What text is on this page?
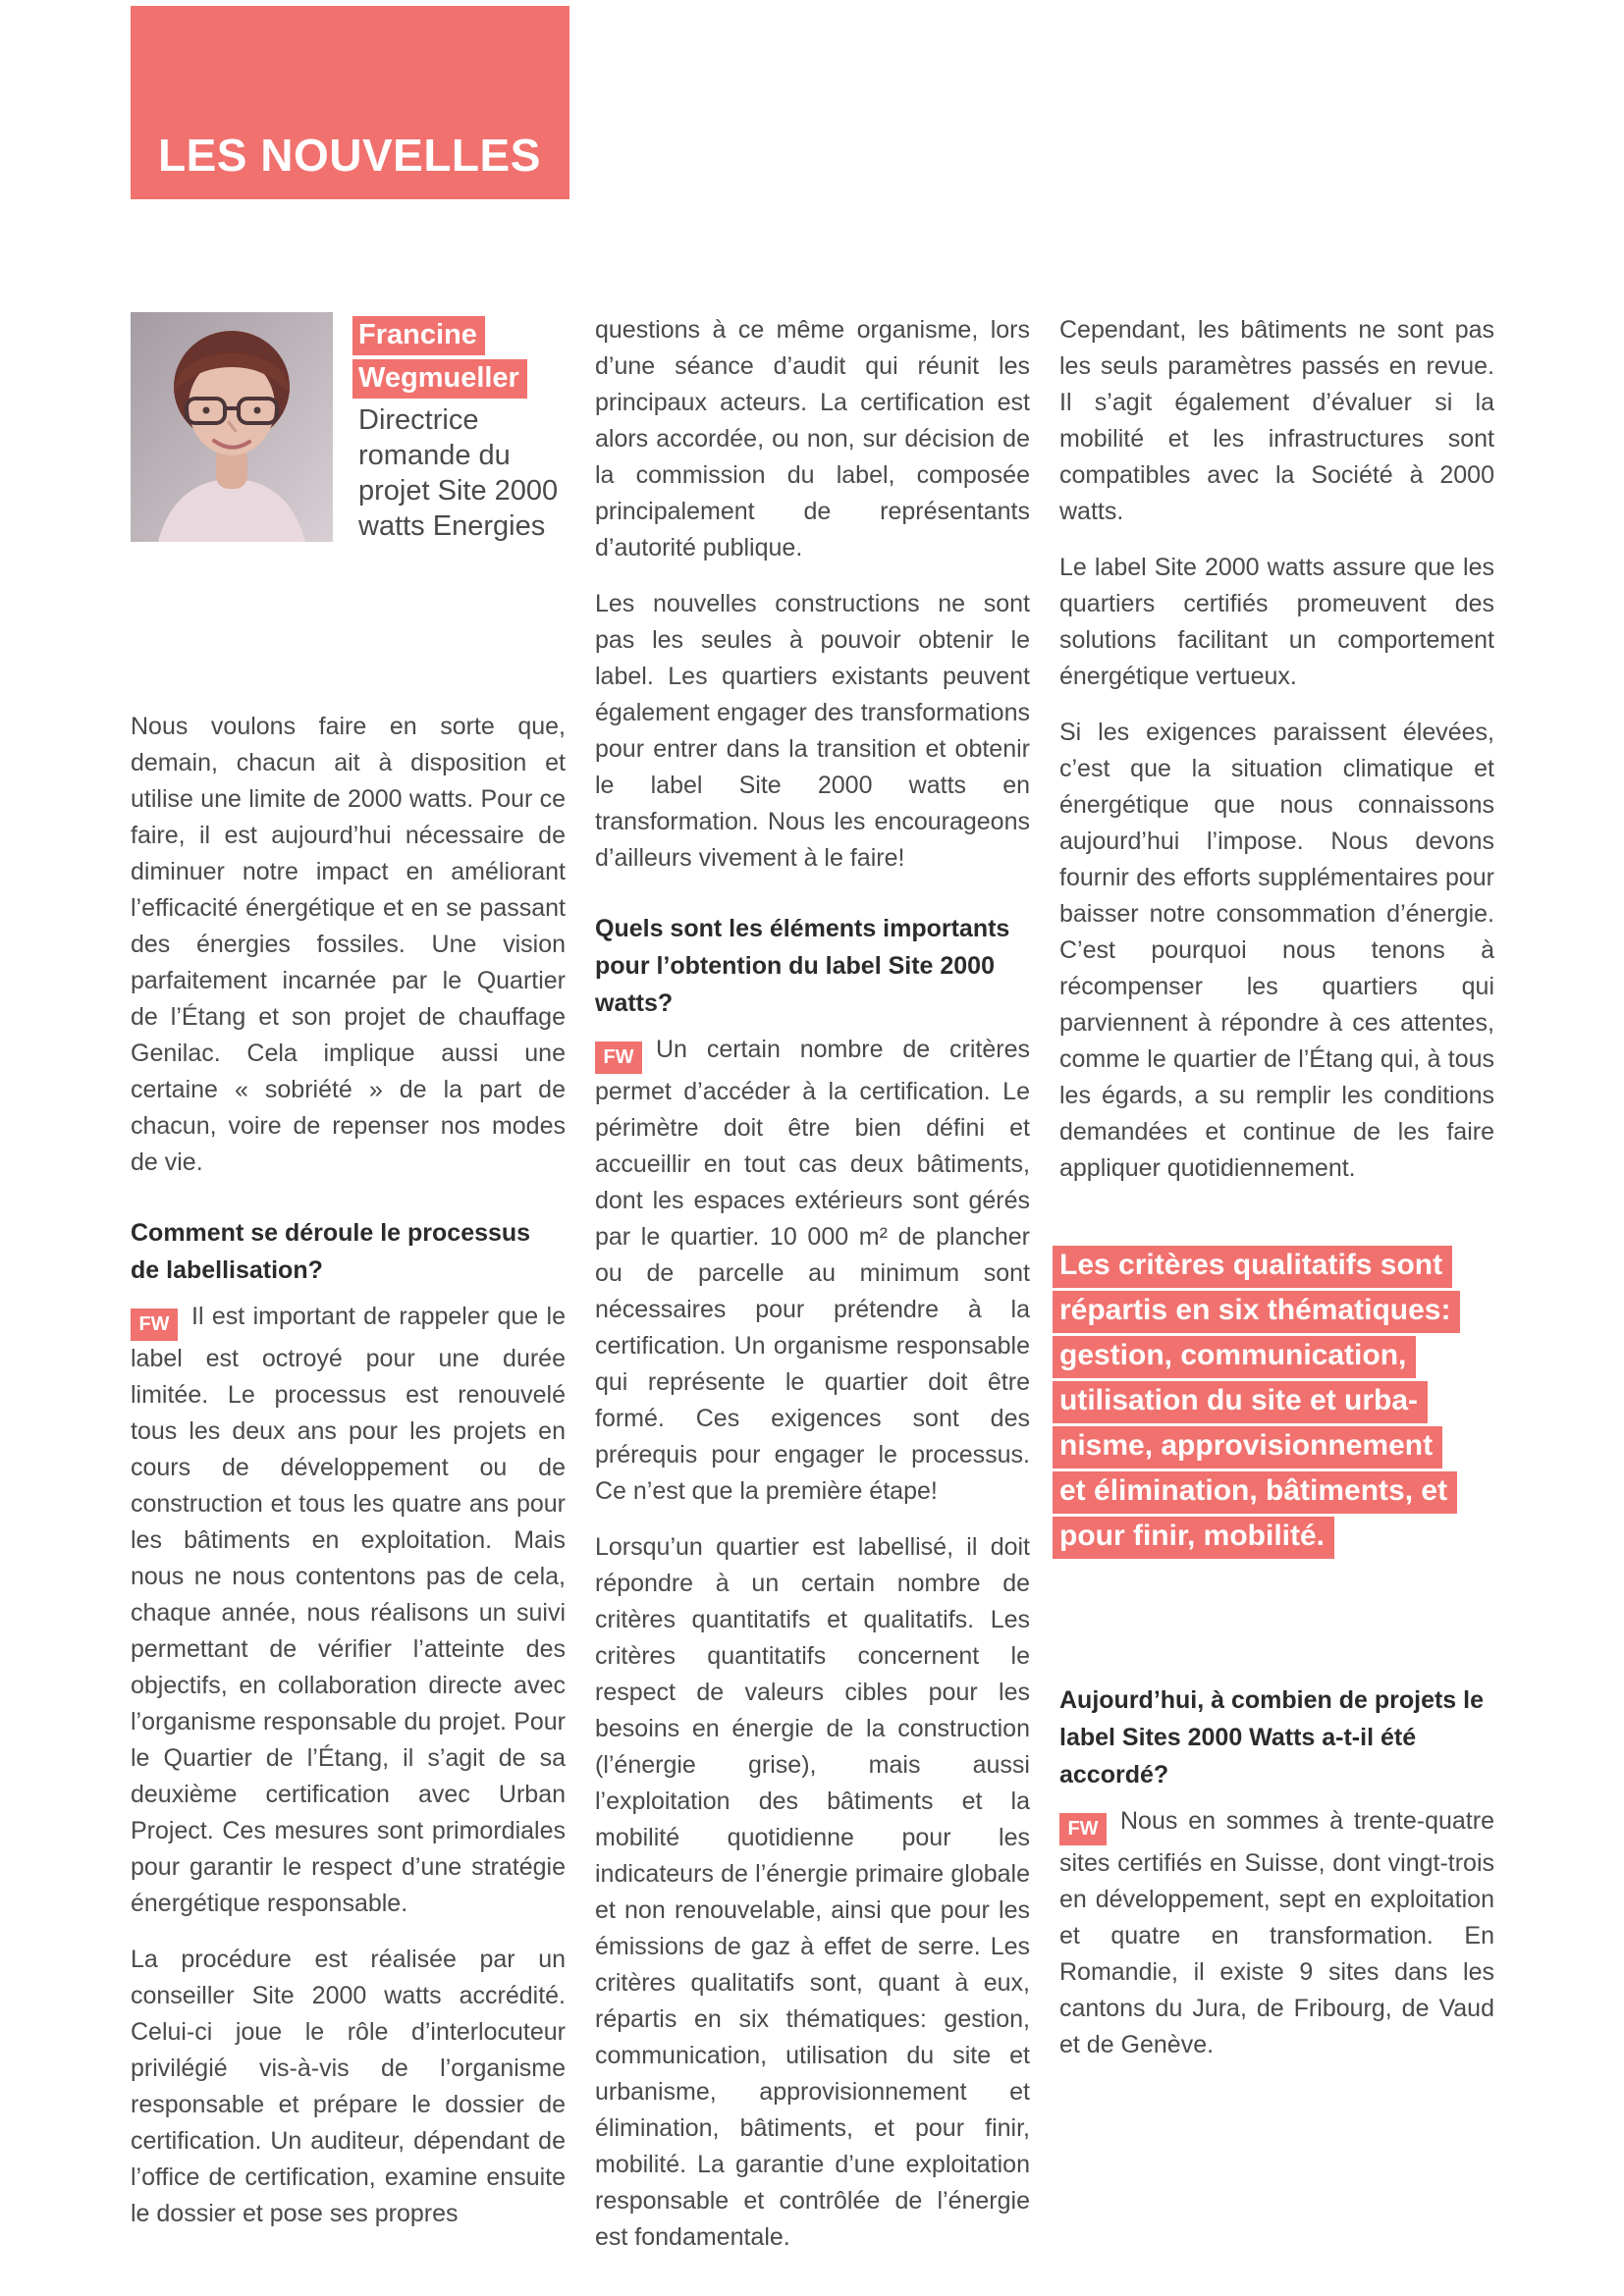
LES NOUVELLES
Francine
Wegmueller
Directrice
romande du
projet Site 2000
watts Energies

Nous voulons faire en sorte que, demain, chacun ait à disposition et utilise une limite de 2000 watts. Pour ce faire, il est aujourd’hui nécessaire de diminuer notre impact en améliorant l’efficacité énergétique et en se passant des énergies fossiles. Une vision parfaitement incarnée par le Quartier de l’Étang et son projet de chauffage Genilac. Cela implique aussi une certaine « sobriété » de la part de chacun, voire de repenser nos modes de vie.

Comment se déroule le processus de labellisation?

FW Il est important de rappeler que le label est octroyé pour une durée limitée. Le processus est renouvelé tous les deux ans pour les projets en cours de développement ou de construction et tous les quatre ans pour les bâtiments en exploitation. Mais nous ne nous contentons pas de cela, chaque année, nous réalisons un suivi permettant de vérifier l’atteinte des objectifs, en collaboration directe avec l’organisme responsable du projet. Pour le Quartier de l’Étang, il s’agit de sa deuxième certification avec Urban Project. Ces mesures sont primordiales pour garantir le respect d’une stratégie énergétique responsable.

La procédure est réalisée par un conseiller Site 2000 watts accrédité. Celui-ci joue le rôle d’interlocuteur privilégié vis-à-vis de l’organisme responsable et prépare le dossier de certification. Un auditeur, dépendant de l’office de certification, examine ensuite le dossier et pose ses propres

questions à ce même organisme, lors d’une séance d’audit qui réunit les principaux acteurs. La certification est alors accordée, ou non, sur décision de la commission du label, composée principalement de représentants d’autorité publique.

Les nouvelles constructions ne sont pas les seules à pouvoir obtenir le label. Les quartiers existants peuvent également engager des transformations pour entrer dans la transition et obtenir le label Site 2000 watts en transformation. Nous les encourageons d’ailleurs vivement à le faire!

Quels sont les éléments importants pour l’obtention du label Site 2000 watts?

FW Un certain nombre de critères permet d’accéder à la certification. Le périmètre doit être bien défini et accueillir en tout cas deux bâtiments, dont les espaces extérieurs sont gérés par le quartier. 10 000 m² de plancher ou de parcelle au minimum sont nécessaires pour prétendre à la certification. Un organisme responsable qui représente le quartier doit être formé. Ces exigences sont des prérequis pour engager le processus. Ce n’est que la première étape!

Lorsqu’un quartier est labellisé, il doit répondre à un certain nombre de critères quantitatifs et qualitatifs. Les critères quantitatifs concernent le respect de valeurs cibles pour les besoins en énergie de la construction (l’énergie grise), mais aussi l’exploitation des bâtiments et la mobilité quotidienne pour les indicateurs de l’énergie primaire globale et non renouvelable, ainsi que pour les émissions de gaz à effet de serre. Les critères qualitatifs sont, quant à eux, répartis en six thématiques: gestion, communication, utilisation du site et urbanisme, approvisionnement et élimination, bâtiments, et pour finir, mobilité. La garantie d’une exploitation responsable et contrôlée de l’énergie est fondamentale.

Cependant, les bâtiments ne sont pas les seuls paramètres passés en revue. Il s’agit également d’évaluer si la mobilité et les infrastructures sont compatibles avec la Société à 2000 watts.

Le label Site 2000 watts assure que les quartiers certifiés promeuvent des solutions facilitant un comportement énergétique vertueux.

Si les exigences paraissent élevées, c’est que la situation climatique et énergétique que nous connaissons aujourd’hui l’impose. Nous devons fournir des efforts supplémentaires pour baisser notre consommation d’énergie. C’est pourquoi nous tenons à récompenser les quartiers qui parviennent à répondre à ces attentes, comme le quartier de l’Étang qui, à tous les égards, a su remplir les conditions demandées et continue de les faire appliquer quotidiennement.

Les critères qualitatifs sont
répartis en six thématiques:
gestion, communication,
utilisation du site et urba-
nisme, approvisionnement
et élimination, bâtiments, et
pour finir, mobilité.
Aujourd’hui, à combien de projets le label Sites 2000 Watts a-t-il été accordé?

FW Nous en sommes à trente-quatre sites certifiés en Suisse, dont vingt-trois en développement, sept en exploitation et quatre en transformation. En Romandie, il existe 9 sites dans les cantons du Jura, de Fribourg, de Vaud et de Genève.
